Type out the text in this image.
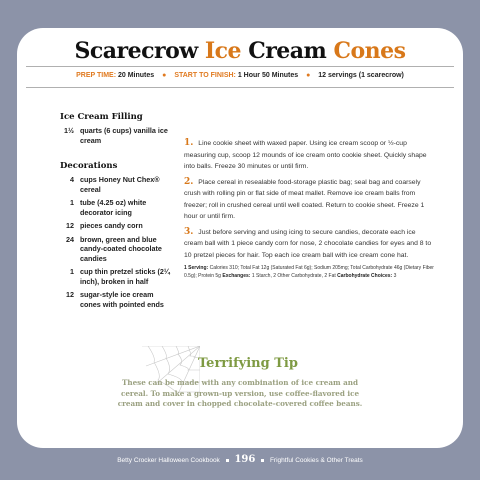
Scarecrow Ice Cream Cones
PREP TIME: 20 Minutes ● START TO FINISH: 1 Hour 50 Minutes ● 12 servings (1 scarecrow)
Ice Cream Filling
1½ quarts (6 cups) vanilla ice cream
Decorations
4 cups Honey Nut Chex® cereal
1 tube (4.25 oz) white decorator icing
12 pieces candy corn
24 brown, green and blue candy-coated chocolate candies
1 cup thin pretzel sticks (2¼ inch), broken in half
12 sugar-style ice cream cones with pointed ends
1. Line cookie sheet with waxed paper. Using ice cream scoop or ½-cup measuring cup, scoop 12 mounds of ice cream onto cookie sheet. Quickly shape into balls. Freeze 30 minutes or until firm.
2. Place cereal in resealable food-storage plastic bag; seal bag and coarsely crush with rolling pin or flat side of meat mallet. Remove ice cream balls from freezer; roll in crushed cereal until well coated. Return to cookie sheet. Freeze 1 hour or until firm.
3. Just before serving and using icing to secure candies, decorate each ice cream ball with 1 piece candy corn for nose, 2 chocolate candies for eyes and 8 to 10 pretzel pieces for hair. Top each ice cream ball with ice cream cone hat.
1 Serving: Calories 310; Total Fat 12g (Saturated Fat 6g); Sodium 205mg; Total Carbohydrate 46g (Dietary Fiber 0.5g); Protein 5g Exchanges: 1 Starch, 2 Other Carbohydrate, 2 Fat Carbohydrate Choices: 3
Terrifying Tip
These can be made with any combination of ice cream and cereal. To make a grown-up version, use coffee-flavored ice cream and cover in chopped chocolate-covered coffee beans.
Betty Crocker Halloween Cookbook 196 Frightful Cookies & Other Treats
